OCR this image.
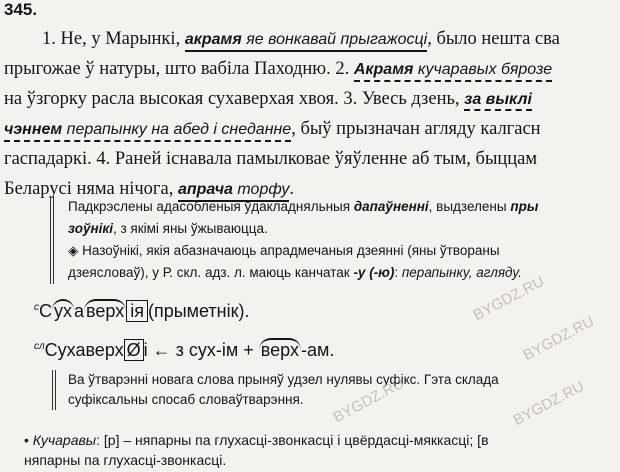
345.
1. Не, у Марынкі, акрамя яе вонкавай прыгажосці, было нешта сва
прыгожае ў натуры, што вабіла Паходню. 2. Акрамя кучаравых бярозе
на ўзгорку расла высокая сухаверхая хвоя. 3. Увесь дзень, за выклі
чэннем перапынку на абед і снеданне, быў прызначан агляду калгасн
гаспадаркі. 4. Раней існавала памылковае ўяўленне аб тым, быццам
Беларусі няма нічога, апрача торфу.
Падкрэслены адасобленыя ўдакладняльныя дапаўненні, выдзелены пры
зоўнікі, з якімі яны ўжываюцца.
◈ Назоўнікі, якія абазначаюць апрадмечаныя дзеянні (яны ўтвораны
дзеясловаў), у Р. скл. адз. л. маюць канчатак -у (-ю): перапынку, агляду.
$^с$С ух а верх ія (прыметнік).
$^{сл}$Сухаверх Ø і ← з сух-ім + верх -ам.
Ва ўтварэнні новага слова прыняў удзел нулявы суфікс. Гэта склада
суфіксальны спосаб словаўтварэння.
• Кучаравы: [р] – няпарны па глухасці-звонкасці і цвёрдасці-мяккасці; [в
няпарны па глухасці-звонкасці.
BYGDZ.RU
BYGDZ.RU
BYGDZ.RU	BYGDZ.RU
